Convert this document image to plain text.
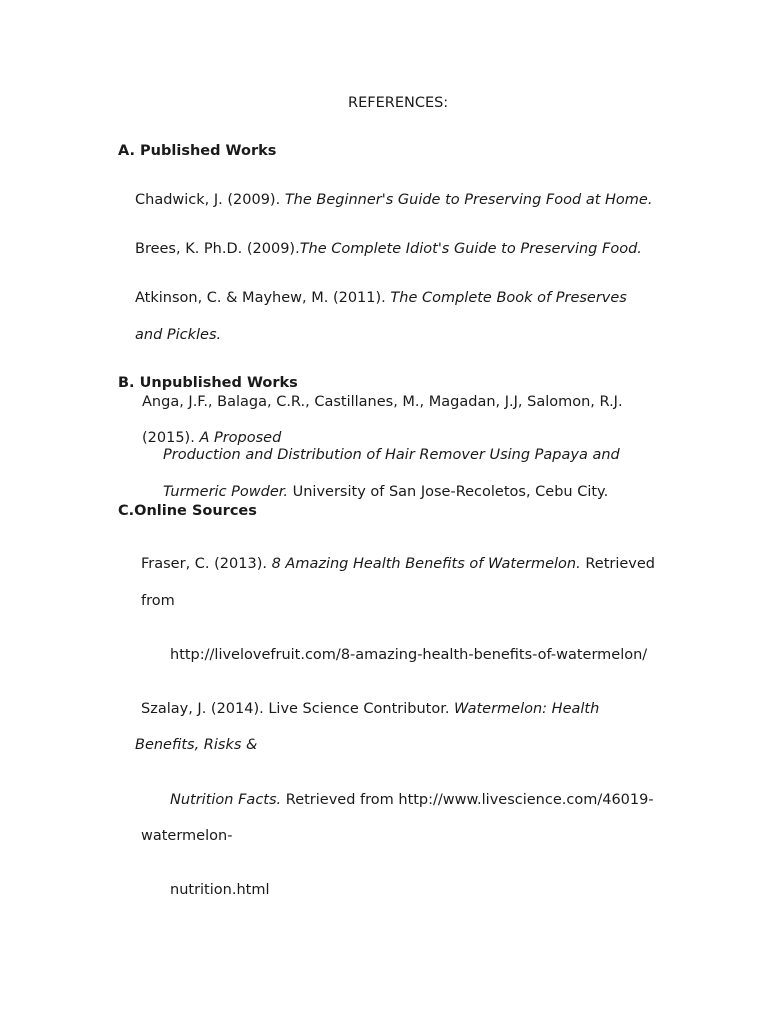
REFERENCES:
A. Published Works
Chadwick, J. (2009). The Beginner's Guide to Preserving Food at Home.
Brees, K. Ph.D. (2009).The Complete Idiot's Guide to Preserving Food.
Atkinson, C. & Mayhew, M. (2011). The Complete Book of Preserves
and Pickles.
B. Unpublished Works
Anga, J.F., Balaga, C.R., Castillanes, M., Magadan, J.J, Salomon, R.J.
(2015). A Proposed
Production and Distribution of Hair Remover Using Papaya and
Turmeric Powder. University of San Jose-Recoletos, Cebu City.
C.Online Sources
Fraser, C. (2013). 8 Amazing Health Benefits of Watermelon. Retrieved
from
http://livelovefruit.com/8-amazing-health-benefits-of-watermelon/
Szalay, J. (2014). Live Science Contributor. Watermelon: Health
Benefits, Risks &
Nutrition Facts. Retrieved from http://www.livescience.com/46019-
watermelon-
nutrition.html
